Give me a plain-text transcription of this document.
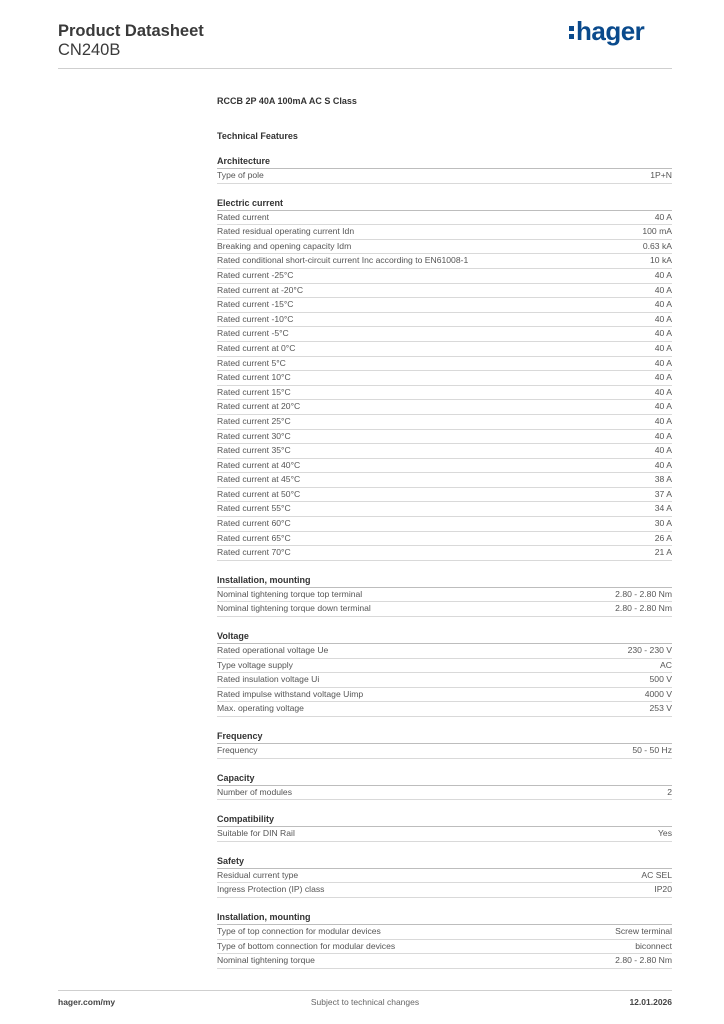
Product Datasheet
CN240B
hager
RCCB 2P 40A 100mA AC S Class
Technical Features
Architecture
Type of pole	1P+N
Electric current
Rated current	40 A
Rated residual operating current Idn	100 mA
Breaking and opening capacity Idm	0.63 kA
Rated conditional short-circuit current Inc according to EN61008-1	10 kA
Rated current -25°C	40 A
Rated current at -20°C	40 A
Rated current -15°C	40 A
Rated current -10°C	40 A
Rated current -5°C	40 A
Rated current at 0°C	40 A
Rated current 5°C	40 A
Rated current 10°C	40 A
Rated current 15°C	40 A
Rated current at 20°C	40 A
Rated current 25°C	40 A
Rated current 30°C	40 A
Rated current 35°C	40 A
Rated current at 40°C	40 A
Rated current at 45°C	38 A
Rated current at 50°C	37 A
Rated current 55°C	34 A
Rated current 60°C	30 A
Rated current 65°C	26 A
Rated current 70°C	21 A
Installation, mounting
Nominal tightening torque top terminal	2.80 - 2.80 Nm
Nominal tightening torque down terminal	2.80 - 2.80 Nm
Voltage
Rated operational voltage Ue	230 - 230 V
Type voltage supply	AC
Rated insulation voltage Ui	500 V
Rated impulse withstand voltage Uimp	4000 V
Max. operating voltage	253 V
Frequency
Frequency	50 - 50 Hz
Capacity
Number of modules	2
Compatibility
Suitable for DIN Rail	Yes
Safety
Residual current type	AC SEL
Ingress Protection (IP) class	IP20
Installation, mounting
Type of top connection for modular devices	Screw terminal
Type of bottom connection for modular devices	biconnect
Nominal tightening torque	2.80 - 2.80 Nm
hager.com/my	Subject to technical changes	12.01.2026
